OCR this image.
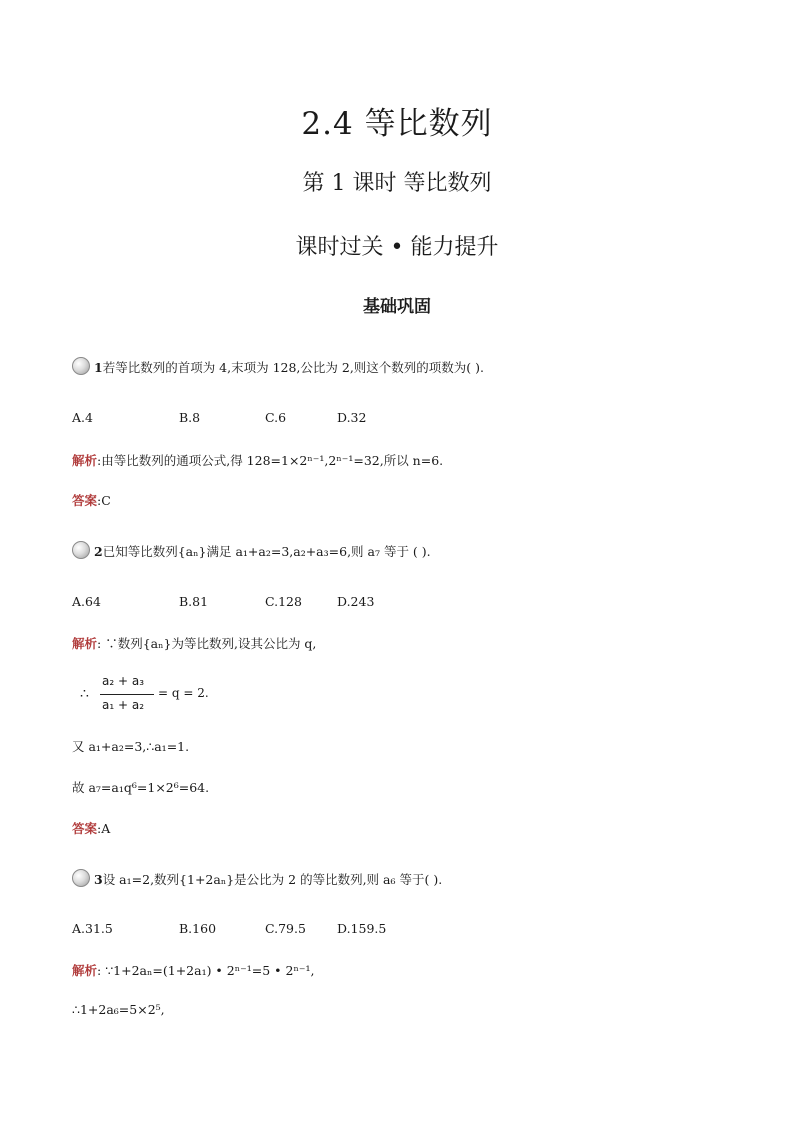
2.4 等比数列
第 1 课时 等比数列
课时过关 • 能力提升
基础巩固
1若等比数列的首项为 4,末项为 128,公比为 2,则这个数列的项数为( ).
A.4	B.8	C.6	D.32
解析:由等比数列的通项公式,得 128=1×2ⁿ⁻¹,2ⁿ⁻¹=32,所以 n=6.
答案:C
2已知等比数列{aₙ}满足 a₁+a₂=3,a₂+a₃=6,则 a₇ 等于 ( ).
A.64	B.81	C.128	D.243
解析: ∵数列{aₙ}为等比数列,设其公比为 q,
∴
a₂ + a₃
a₁ + a₂
= q = 2.
又 a₁+a₂=3,∴a₁=1.
故 a₇=a₁q⁶=1×2⁶=64.
答案:A
3设 a₁=2,数列{1+2aₙ}是公比为 2 的等比数列,则 a₆ 等于( ).
A.31.5	B.160	C.79.5 D.159.5
解析: ∵1+2aₙ=(1+2a₁) • 2ⁿ⁻¹=5 • 2ⁿ⁻¹,
∴1+2a₆=5×2⁵,
